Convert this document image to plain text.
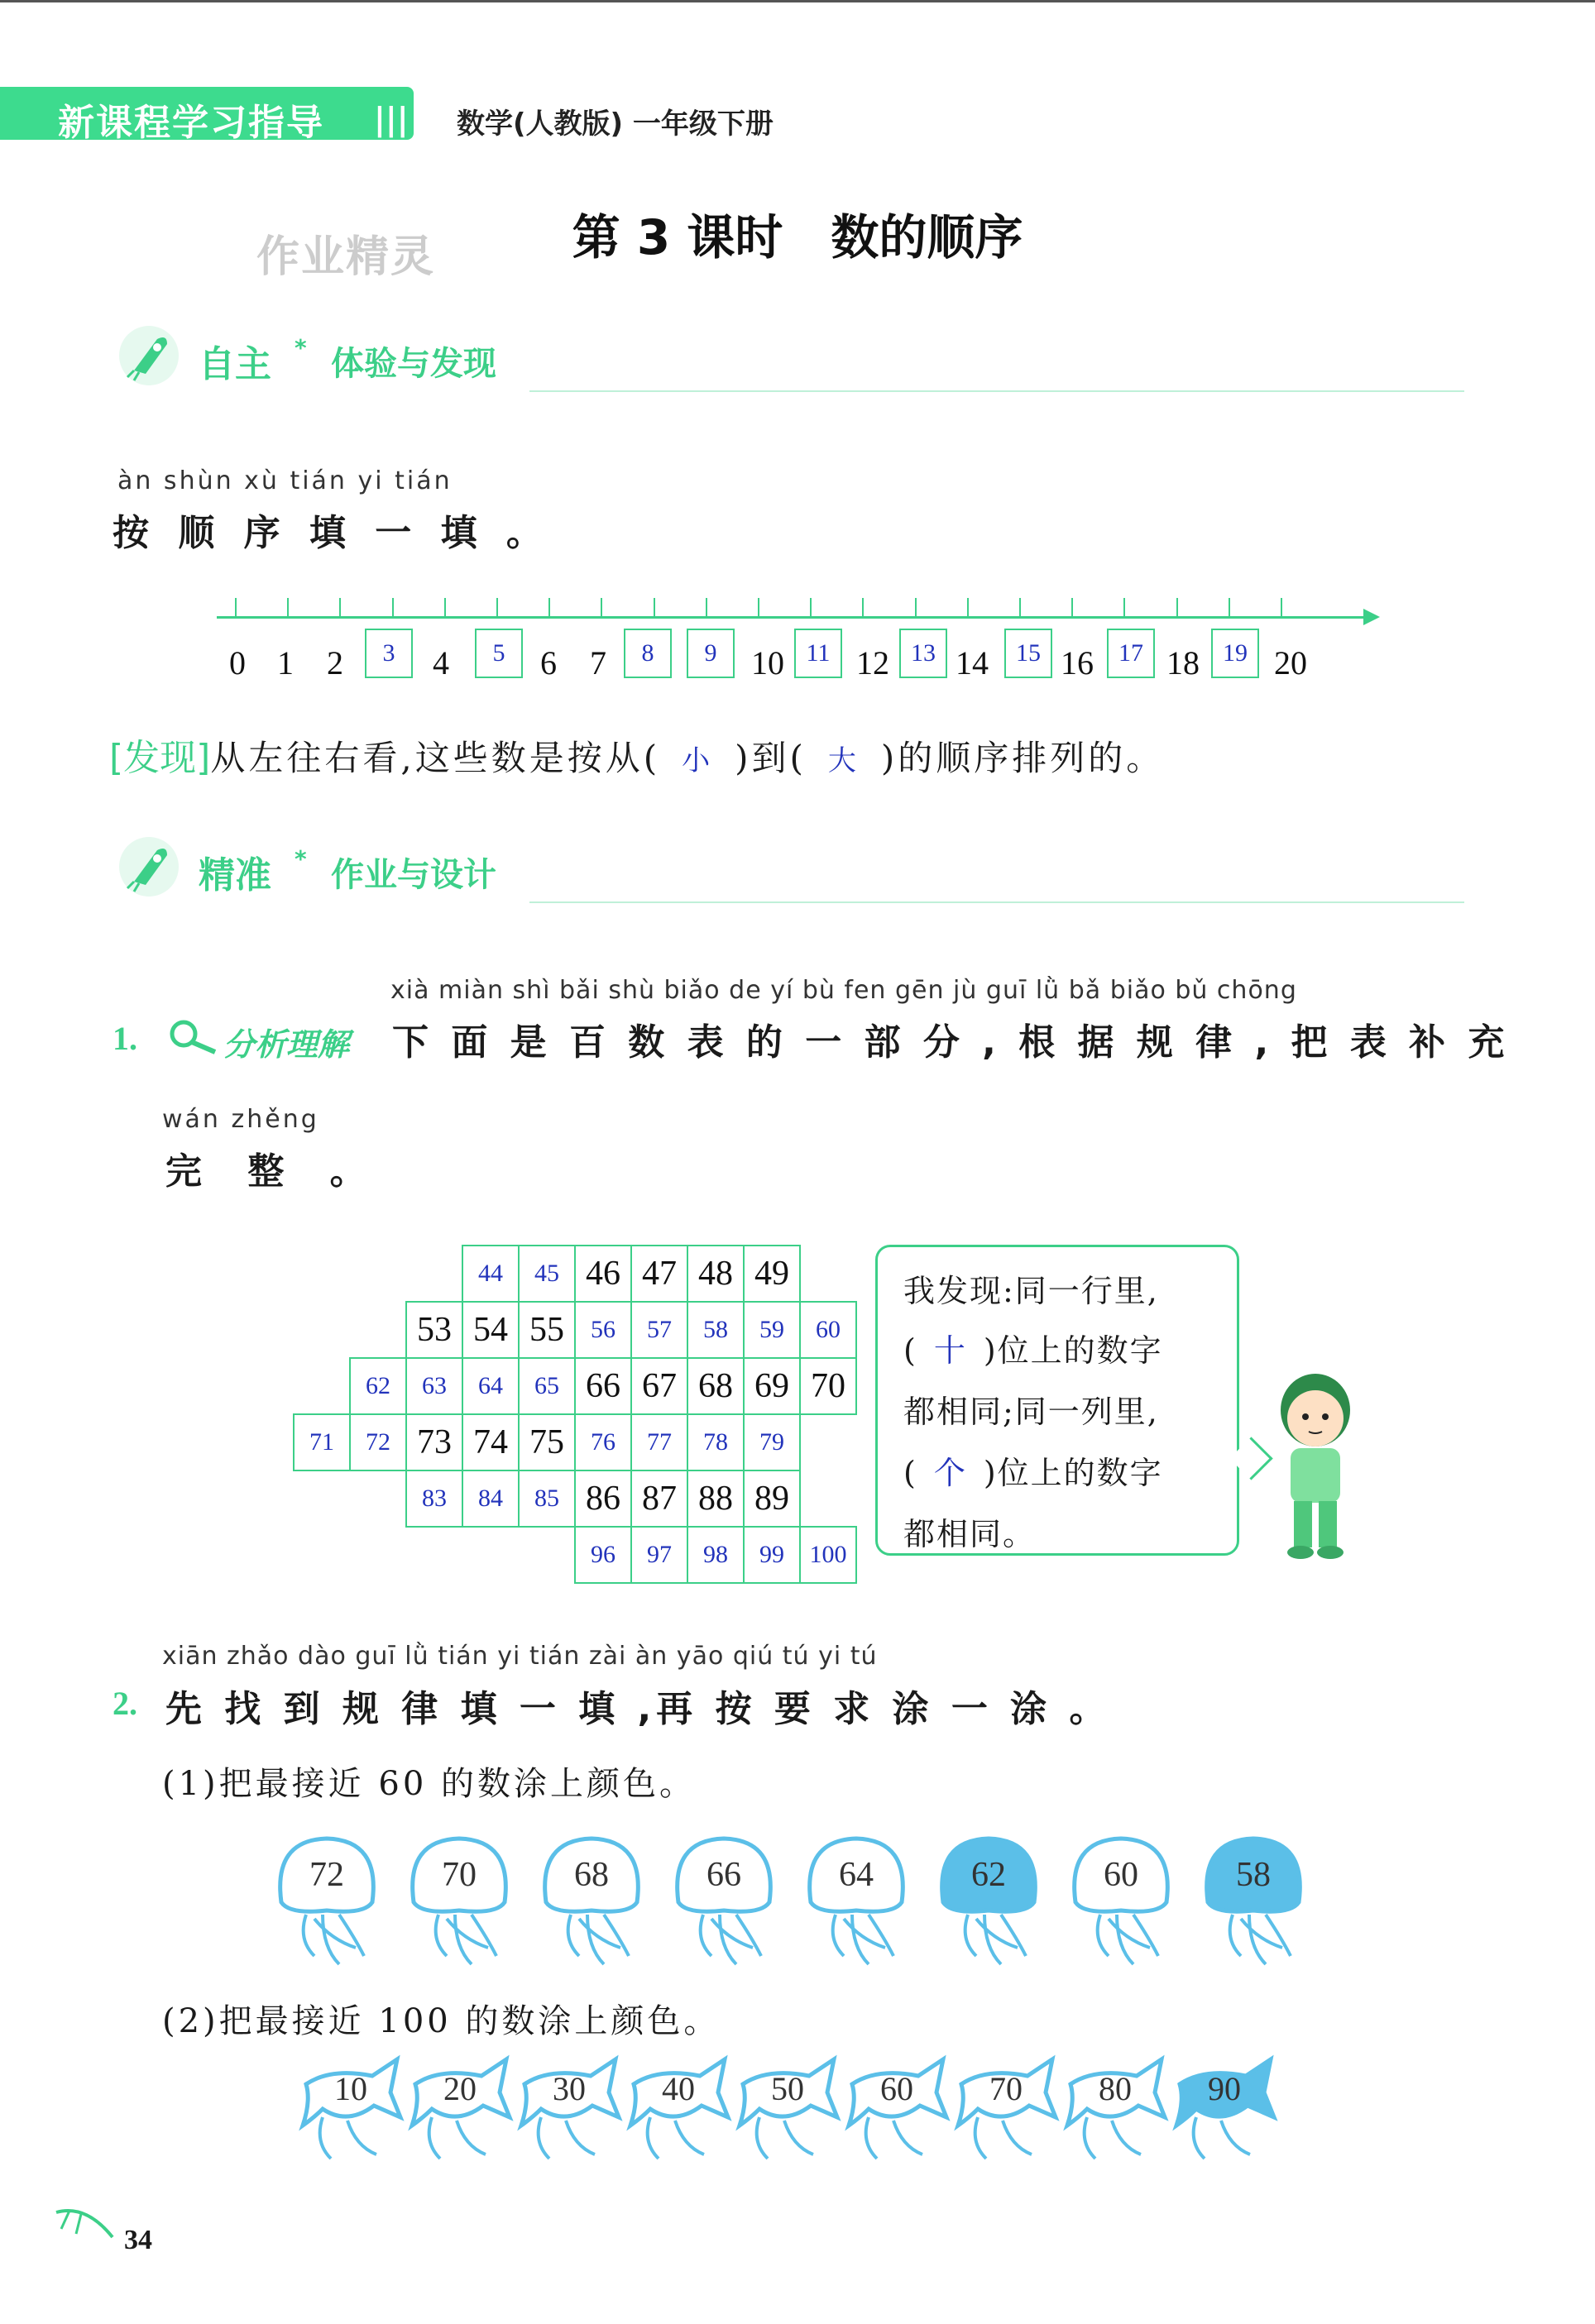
新课程学习指导 ||| 数学(人教版) 一年级下册
作业精灵	第 3 课时　数的顺序
自主 * 体验与发现
àn shùn xù tián yi tián
按 顺 序 填 一 填 。
0 1	2	3	4	5	6	7	8	9	10 11 12 13 14	15 16	17 18 19 20
[发现]从左往右看,这些数是按从( 小 )到( 大 )的顺序排列的。
精准 * 作业与设计
xià miàn shì bǎi shù biǎo de yí bù fen gēn jù guī lǜ bǎ biǎo bǔ chōng
1.	分析理解 下 面 是 百 数 表 的 一 部 分 , 根 据 规 律 , 把 表 补 充
wán zhěng
完 整 。
44	45 46 47 48 49
53 54 55	56	57	58	59	60
62	63	64	65 66 67 68 69 70
71	72 73 74 75	76	77	78	79
83	84	85 86 87 88 89
96	97	98	99	100
我发现:同一行里,
( 十 )位上的数字
都相同;同一列里,
( 个 )位上的数字
都相同。
xiān zhǎo dào guī lǜ tián yi tián zài àn yāo qiú tú yi tú
2. 先 找 到 规 律 填 一 填 ,再 按 要 求 涂 一 涂 。
(1)把最接近 60 的数涂上颜色。
72	70	68	66	64	62	60	58
(2)把最接近 100 的数涂上颜色。
10	20	30	40	50	60	70	80	90
34
